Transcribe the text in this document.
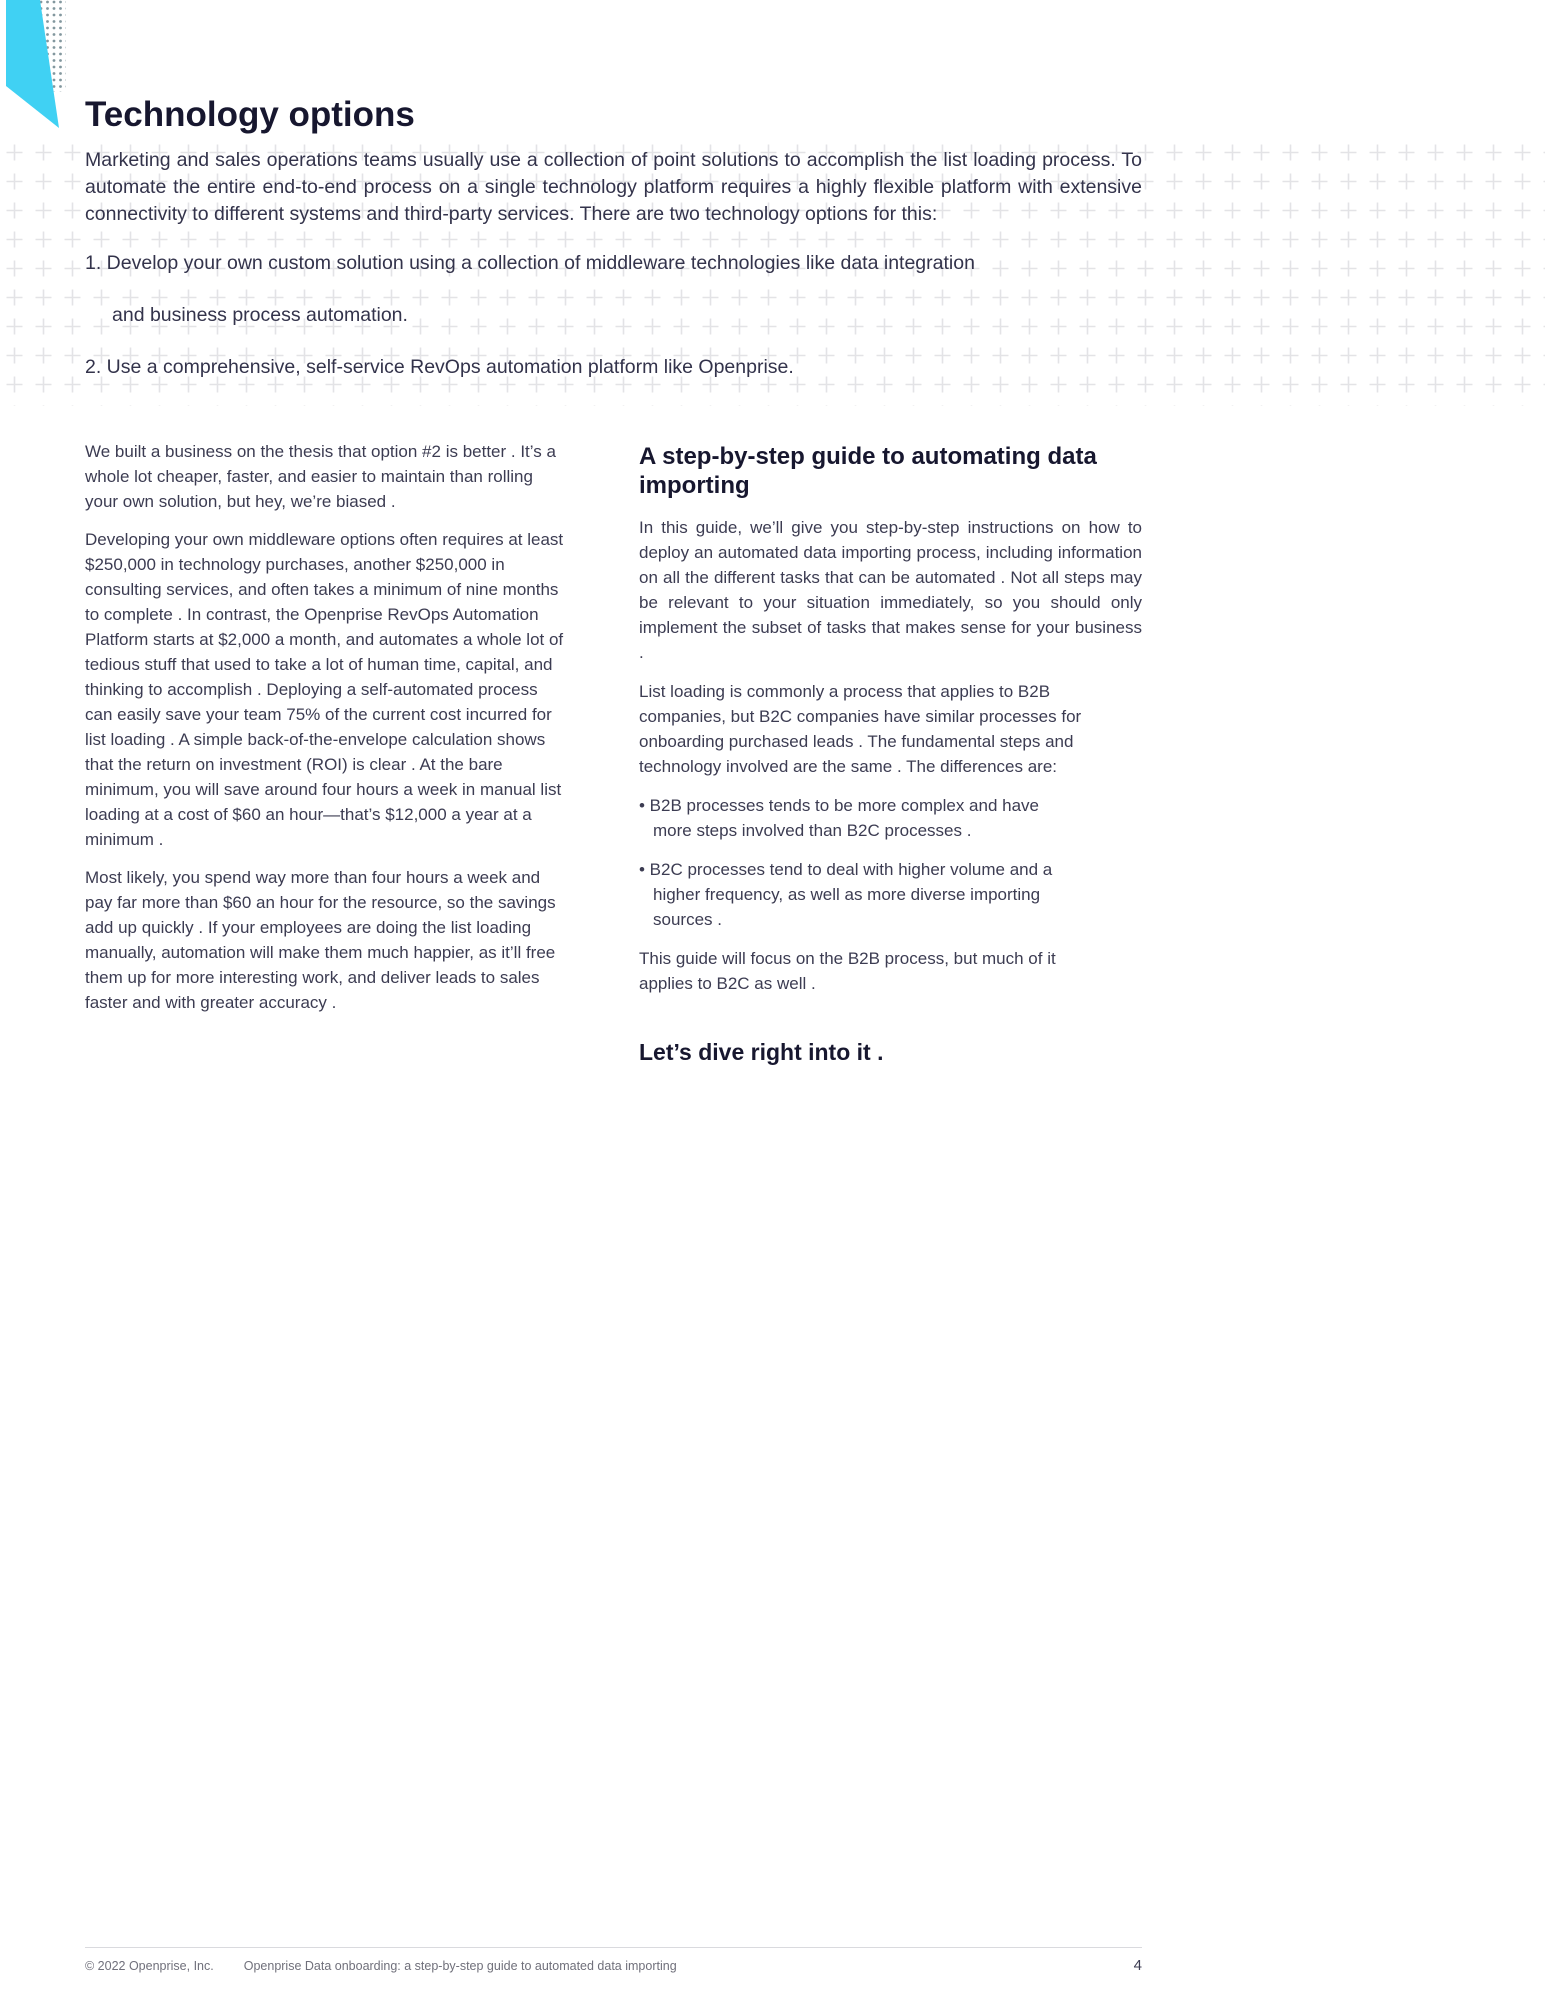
Technology options

Marketing and sales operations teams usually use a collection of point solutions to accomplish the list loading process. To automate the entire end-to-end process on a single technology platform requires a highly flexible platform with extensive connectivity to different systems and third-party services. There are two technology options for this:

1. Develop your own custom solution using a collection of middleware technologies like data integration

and business process automation.

2. Use a comprehensive, self-service RevOps automation platform like Openprise.

We built a business on the thesis that option #2 is better . It’s a whole lot cheaper, faster, and easier to maintain than rolling your own solution, but hey, we’re biased .

Developing your own middleware options often requires at least $250,000 in technology purchases, another $250,000 in consulting services, and often takes a minimum of nine months to complete . In contrast, the Openprise RevOps Automation Platform starts at $2,000 a month, and automates a whole lot of tedious stuff that used to take a lot of human time, capital, and thinking to accomplish . Deploying a self-automated process can easily save your team 75% of the current cost incurred for list loading . A simple back-of-the-envelope calculation shows that the return on investment (ROI) is clear . At the bare minimum, you will save around four hours a week in manual list loading at a cost of $60 an hour—that’s $12,000 a year at a minimum .

Most likely, you spend way more than four hours a week and pay far more than $60 an hour for the resource, so the savings add up quickly . If your employees are doing the list loading manually, automation will make them much happier, as it’ll free them up for more interesting work, and deliver leads to sales faster and with greater accuracy .

A step-by-step guide to automating data importing

In this guide, we’ll give you step-by-step instructions on how to deploy an automated data importing process, including information on all the different tasks that can be automated . Not all steps may be relevant to your situation immediately, so you should only implement the subset of tasks that makes sense for your business .

List loading is commonly a process that applies to B2B companies, but B2C companies have similar processes for onboarding purchased leads . The fundamental steps and technology involved are the same . The differences are:

• B2B processes tends to be more complex and have more steps involved than B2C processes .

• B2C processes tend to deal with higher volume and a higher frequency, as well as more diverse importing sources .

This guide will focus on the B2B process, but much of it applies to B2C as well .

Let’s dive right into it .

© 2022 Openprise, Inc. Openprise Data onboarding: a step-by-step guide to automated data importing	4
